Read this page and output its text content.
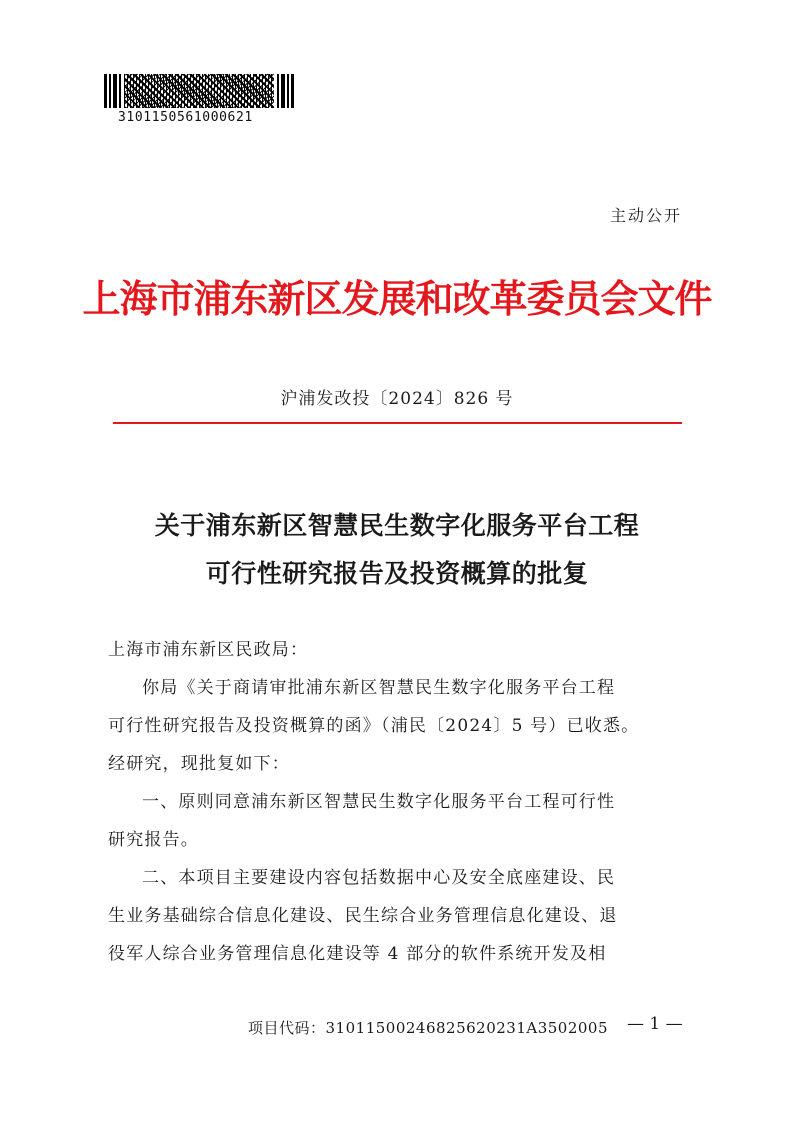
3101150561000621
主动公开
上海市浦东新区发展和改革委员会文件
沪浦发改投〔2024〕826 号
关于浦东新区智慧民生数字化服务平台工程
可行性研究报告及投资概算的批复
上海市浦东新区民政局：
你局《关于商请审批浦东新区智慧民生数字化服务平台工程
可行性研究报告及投资概算的函》（浦民〔2024〕5 号）已收悉。
经研究，现批复如下：
一、原则同意浦东新区智慧民生数字化服务平台工程可行性
研究报告。
二、本项目主要建设内容包括数据中心及安全底座建设、民
生业务基础综合信息化建设、民生综合业务管理信息化建设、退
役军人综合业务管理信息化建设等 4 部分的软件系统开发及相
项目代码：31011500246825620231A3502005 — 1 —
